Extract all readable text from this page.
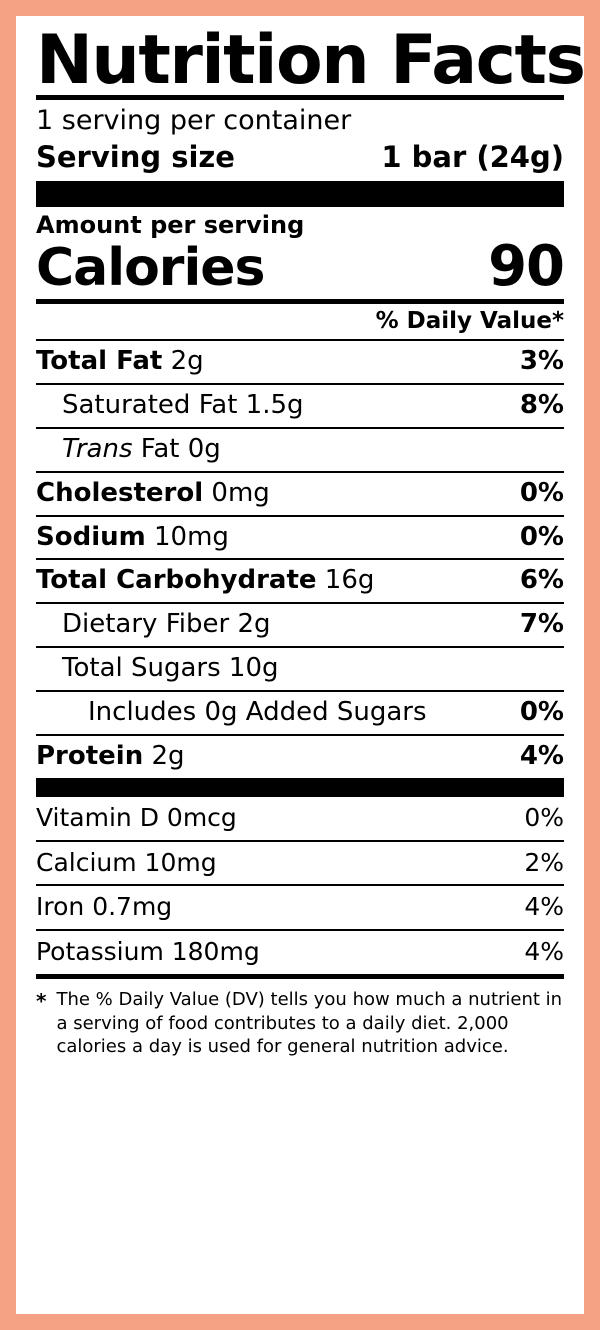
Nutrition Facts
1 serving per container
Serving size	1 bar (24g)
Amount per serving
Calories	90
% Daily Value*
Total Fat 2g	3%
Saturated Fat 1.5g	8%
Trans Fat 0g
Cholesterol 0mg	0%
Sodium 10mg	0%
Total Carbohydrate 16g	6%
Dietary Fiber 2g	7%
Total Sugars 10g
Includes 0g Added Sugars	0%
Protein 2g	4%
Vitamin D 0mcg	0%
Calcium 10mg	2%
Iron 0.7mg	4%
Potassium 180mg	4%
* The % Daily Value (DV) tells you how much a nutrient in a serving of food contributes to a daily diet. 2,000 calories a day is used for general nutrition advice.
